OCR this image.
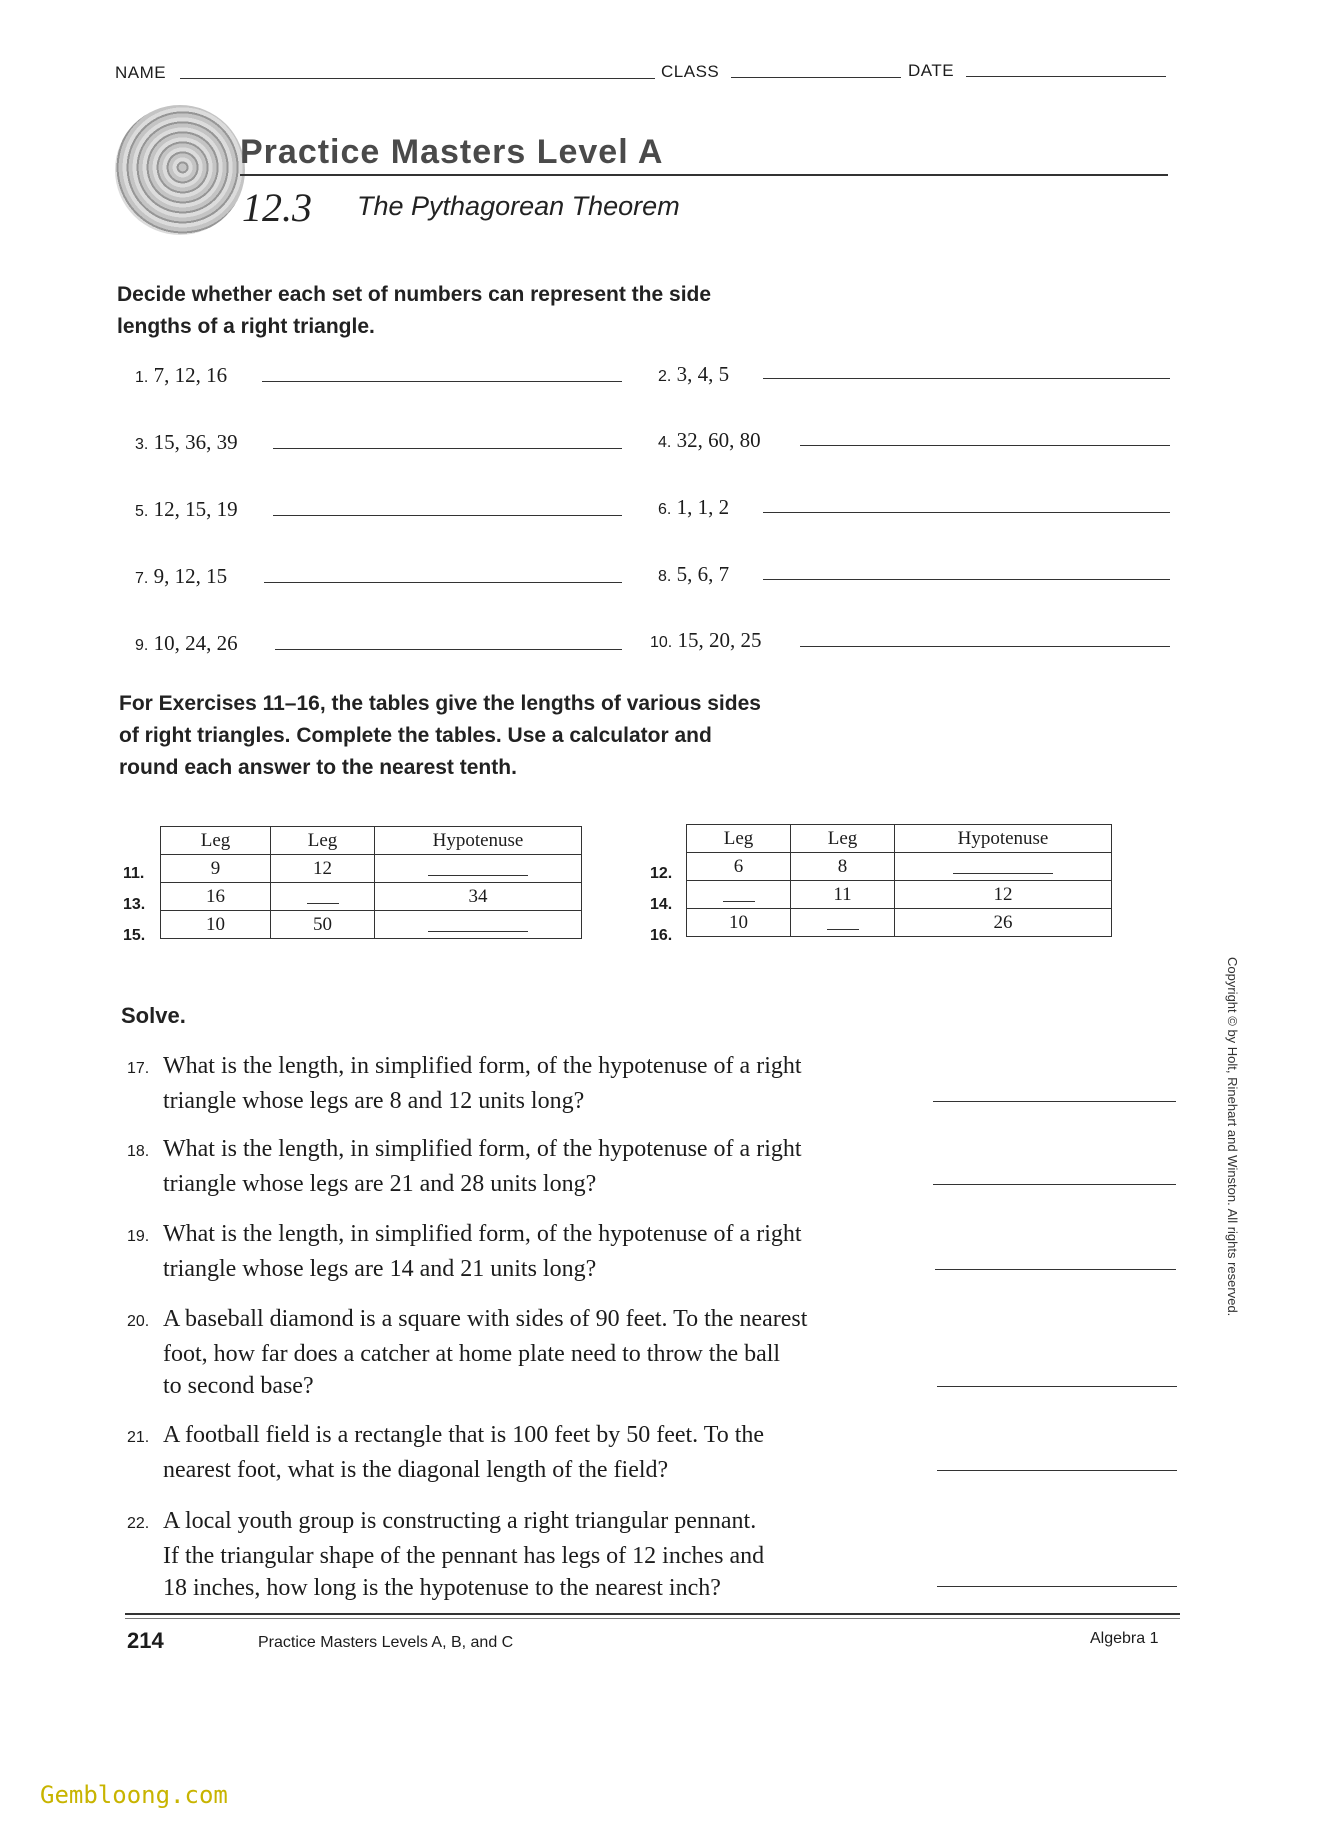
NAME	CLASS	DATE
Practice Masters Level A
12.3 The Pythagorean Theorem
Decide whether each set of numbers can represent the side
lengths of a right triangle.
1. 7, 12, 16
3. 15, 36, 39
5. 12, 15, 19
7. 9, 12, 15
9. 10, 24, 26
2. 3, 4, 5
4. 32, 60, 80
6. 1, 1, 2
8. 5, 6, 7
10. 15, 20, 25
For Exercises 11–16, the tables give the lengths of various sides
of right triangles. Complete the tables. Use a calculator and
round each answer to the nearest tenth.
11.
13.
15.
Leg	Leg	Hypotenuse
9	12	
16		34
10	50	
12.
14.
16.
Leg	Leg	Hypotenuse
6	8	
	11	12
10		26
Solve.
17. What is the length, in simplified form, of the hypotenuse of a right
triangle whose legs are 8 and 12 units long?
18. What is the length, in simplified form, of the hypotenuse of a right
triangle whose legs are 21 and 28 units long?
19. What is the length, in simplified form, of the hypotenuse of a right
triangle whose legs are 14 and 21 units long?
20. A baseball diamond is a square with sides of 90 feet. To the nearest
foot, how far does a catcher at home plate need to throw the ball
to second base?
21. A football field is a rectangle that is 100 feet by 50 feet. To the
nearest foot, what is the diagonal length of the field?
22. A local youth group is constructing a right triangular pennant.
If the triangular shape of the pennant has legs of 12 inches and
18 inches, how long is the hypotenuse to the nearest inch?
Copyright © by Holt, Rinehart and Winston. All rights reserved.
214	Practice Masters Levels A, B, and C	Algebra 1
Gembloong.com
